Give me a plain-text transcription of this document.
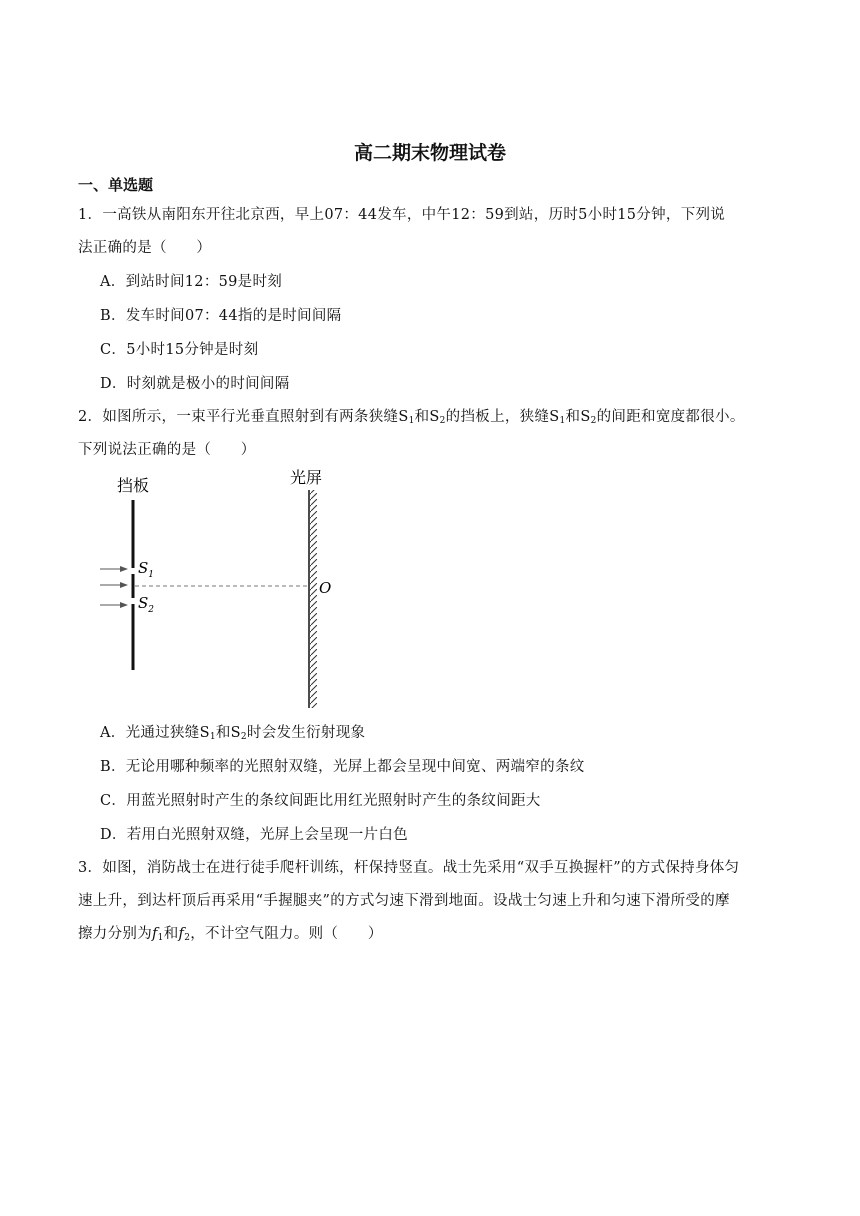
高二期末物理试卷
一、单选题
1．一高铁从南阳东开往北京西，早上07：44发车，中午12：59到站，历时5小时15分钟，下列说
法正确的是（　　）
A．到站时间12：59是时刻
B．发车时间07：44指的是时间间隔
C．5小时15分钟是时刻
D．时刻就是极小的时间间隔
2．如图所示，一束平行光垂直照射到有两条狭缝$S_1$和$S_2$的挡板上，狭缝$S_1$和$S_2$的间距和宽度都很小。
下列说法正确的是（　　）
挡板	光屏
$S_1$
$S_2$
O
A．光通过狭缝$S_1$和$S_2$时会发生衍射现象
B．无论用哪种频率的光照射双缝，光屏上都会呈现中间宽、两端窄的条纹
C．用蓝光照射时产生的条纹间距比用红光照射时产生的条纹间距大
D．若用白光照射双缝，光屏上会呈现一片白色
3．如图，消防战士在进行徒手爬杆训练，杆保持竖直。战士先采用“双手互换握杆”的方式保持身体匀
速上升，到达杆顶后再采用“手握腿夹”的方式匀速下滑到地面。设战士匀速上升和匀速下滑所受的摩
擦力分别为$f_1$和$f_2$，不计空气阻力。则（　　）
